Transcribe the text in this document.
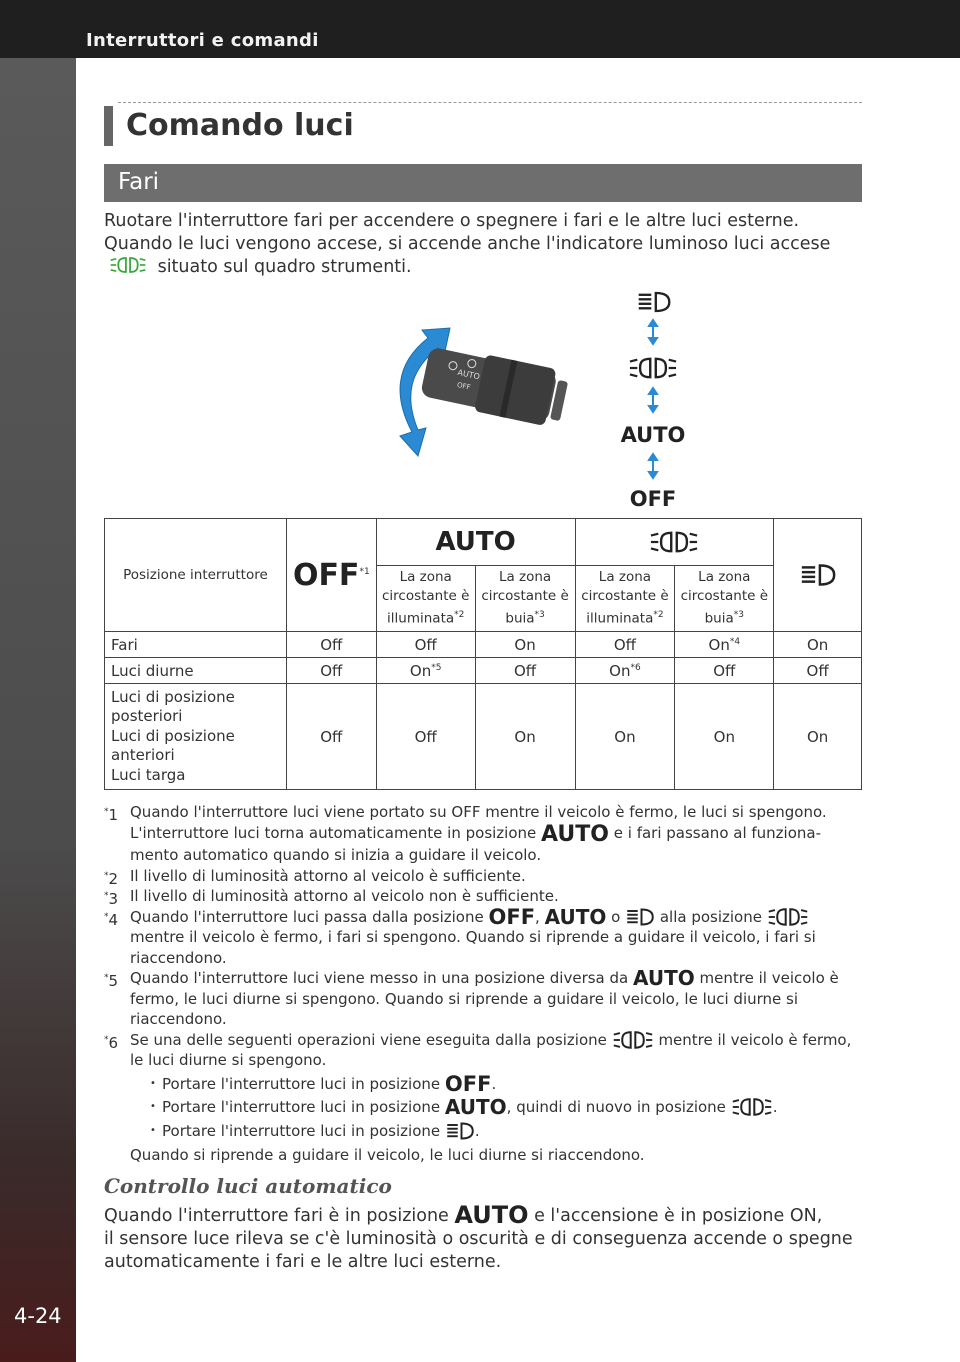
Interruttori e comandi
4-24
Comando luci
Fari
Ruotare l'interruttore fari per accendere o spegnere i fari e le altre luci esterne.
Quando le luci vengono accese, si accende anche l'indicatore luminoso luci accese
situato sul quadro strumenti.
AUTO
OFF
AUTO
OFF
Posizione interruttore	OFF$^{*1}$	AUTO		
		La zona circostante è illuminata$^{*2}$	La zona circostante è buia$^{*3}$	La zona circostante è illuminata$^{*2}$	La zona circostante è buia$^{*3}$
Fari	Off	Off	On	Off	On$^{*4}$	On
Luci diurne	Off	On$^{*5}$	Off	On$^{*6}$	Off	Off

Luci di posizione posteriori
Luci di posizione anteriori
Luci targa	Off	Off	On	On	On	On
*1 Quando l'interruttore luci viene portato su OFF mentre il veicolo è fermo, le luci si spengono.
L'interruttore luci torna automaticamente in posizione AUTO e i fari passano al funziona-
mento automatico quando si inizia a guidare il veicolo.
*2 Il livello di luminosità attorno al veicolo è sufficiente.
*3 Il livello di luminosità attorno al veicolo non è sufficiente.
*4 Quando l'interruttore luci passa dalla posizione OFF, AUTO o  alla posizione
mentre il veicolo è fermo, i fari si spengono. Quando si riprende a guidare il veicolo, i fari si riaccendono.
*5 Quando l'interruttore luci viene messo in una posizione diversa da AUTO mentre il veicolo è fermo, le luci diurne si spengono. Quando si riprende a guidare il veicolo, le luci diurne si riaccendono.
*6 Se una delle seguenti operazioni viene eseguita dalla posizione	mentre il veicolo è fermo, le luci diurne si spengono.
• Portare l'interruttore luci in posizione OFF.
• Portare l'interruttore luci in posizione AUTO, quindi di nuovo in posizione	.
• Portare l'interruttore luci in posizione .
Quando si riprende a guidare il veicolo, le luci diurne si riaccendono.
Controllo luci automatico
Quando l'interruttore fari è in posizione AUTO e l'accensione è in posizione ON,
il sensore luce rileva se c'è luminosità o oscurità e di conseguenza accende o spegne
automaticamente i fari e le altre luci esterne.
